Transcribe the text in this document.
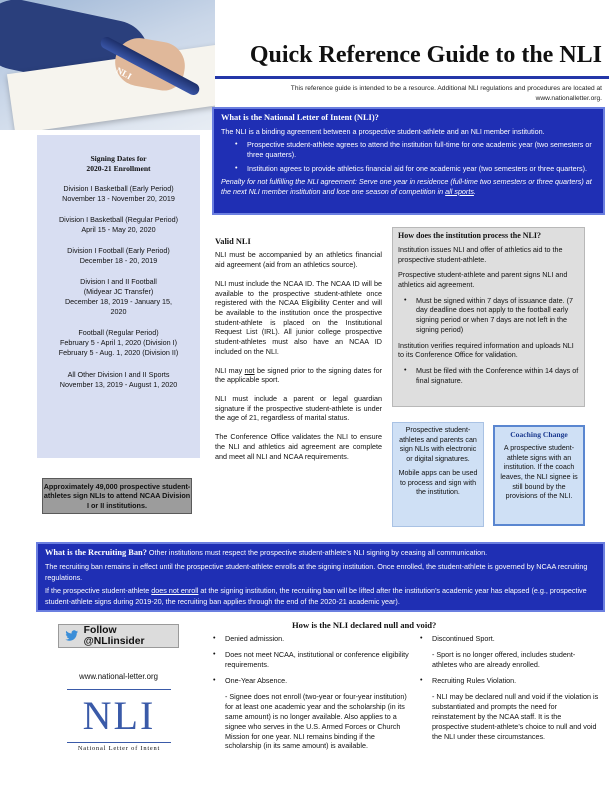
NLI
Quick Reference Guide to the NLI
This reference guide is intended to be a resource. Additional NLI regulations and procedures are located at
www.nationalletter.org.
What is the National Letter of Intent (NLI)?
The NLI is a binding agreement between a prospective student-athlete and an NLI member institution.
• Prospective student-athlete agrees to attend the institution full-time for one academic year (two semesters or three quarters).
• Institution agrees to provide athletics financial aid for one academic year (two semesters or three quarters).
Penalty for not fulfilling the NLI agreement: Serve one year in residence (full-time two semesters or three quarters) at the next NLI member institution and lose one season of competition in all sports.
Signing Dates for
2020-21 Enrollment
Division I Basketball (Early Period)
November 13 - November 20, 2019
Division I Basketball (Regular Period)
April 15 - May 20, 2020
Division I Football (Early Period)
December 18 - 20, 2019
Division I and II Football
(Midyear JC Transfer)
December 18, 2019 - January 15,
2020
Football (Regular Period)
February 5 - April 1, 2020 (Division I)
February 5 - Aug. 1, 2020 (Division II)
All Other Division I and II Sports
November 13, 2019 - August 1, 2020
Approximately 49,000 prospective student-athletes sign NLIs to attend NCAA Division I or II institutions.
Valid NLI

NLI must be accompanied by an athletics financial aid agreement (aid from an athletics source).

NLI must include the NCAA ID. The NCAA ID will be available to the prospective student-athlete once registered with the NCAA Eligibility Center and will be available to the institution once the prospective student-athlete is placed on the Institutional Request List (IRL). All junior college prospective student-athletes must also have an NCAA ID included on the NLI.

NLI may not be signed prior to the signing dates for the applicable sport.

NLI must include a parent or legal guardian signature if the prospective student-athlete is under the age of 21, regardless of marital status.

The Conference Office validates the NLI to ensure the NLI and athletics aid agreement are complete and meet all NLI and NCAA requirements.

How does the institution process the NLI?

Institution issues NLI and offer of athletics aid to the prospective student-athlete.

Prospective student-athlete and parent signs NLI and athletics aid agreement.

• Must be signed within 7 days of issuance date. (7 day deadline does not apply to the football early signing period or when 7 days are not left in the signing period)

Institution verifies required information and uploads NLI to its Conference Office for validation.

• Must be filed with the Conference within 14 days of final signature.

Prospective student-athletes and parents can sign NLIs with electronic or digital signatures.

Mobile apps can be used to process and sign with the institution.

Coaching Change
A prospective student-athlete signs with an institution. If the coach leaves, the NLI signee is still bound by the provisions of the NLI.

What is the Recruiting Ban? Other institutions must respect the prospective student-athlete’s NLI signing by ceasing all communication.

The recruiting ban remains in effect until the prospective student-athlete enrolls at the signing institution. Once enrolled, the student-athlete is governed by NCAA recruiting regulations.

If the prospective student-athlete does not enroll at the signing institution, the recruiting ban will be lifted after the institution’s academic year has elapsed (e.g., prospective student-athlete signs during 2019-20, the recruiting ban applies through the end of the 2020-21 academic year).

Follow @NLIinsider
www.national-letter.org
NLI
National Letter of Intent
How is the NLI declared null and void?
• Denied admission.
• Does not meet NCAA, institutional or conference eligibility requirements.
• One-Year Absence.
- Signee does not enroll (two-year or four-year institution) for at least one academic year and the scholarship (in its same amount) is no longer available. Also applies to a signee who serves in the U.S. Armed Forces or Church Mission for one year. NLI remains binding if the scholarship (in its same amount) is available.
• Discontinued Sport.
- Sport is no longer offered, includes student-athletes who are already enrolled.
• Recruiting Rules Violation.
- NLI may be declared null and void if the violation is substantiated and prompts the need for reinstatement by the NCAA staff. It is the prospective student-athlete’s choice to null and void the NLI under these circumstances.
